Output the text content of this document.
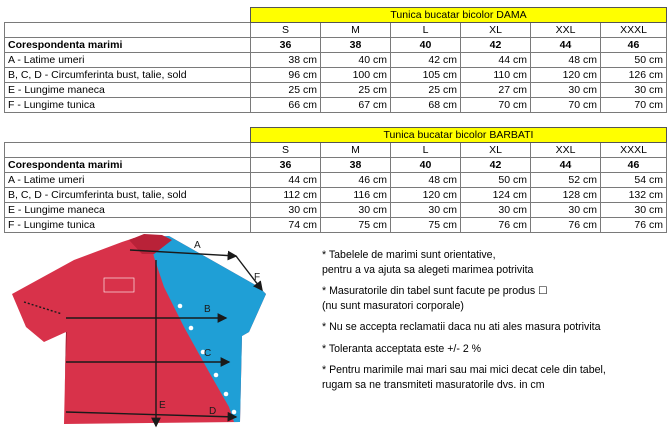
	Tunica bucatar bicolor DAMA					
	S	M	L	XL	XXL	XXXL
Corespondenta marimi	36	38	40	42	44	46
A - Latime umeri	38 cm	40 cm	42 cm	44 cm	48 cm	50 cm
B, C, D - Circumferinta bust, talie, sold	96 cm	100 cm	105 cm	110 cm	120 cm	126 cm
E - Lungime maneca	25 cm	25 cm	25 cm	27 cm	30 cm	30 cm
F - Lungime tunica	66 cm	67 cm	68 cm	70 cm	70 cm	70 cm
	Tunica bucatar bicolor BARBATI					
	S	M	L	XL	XXL	XXXL
Corespondenta marimi	36	38	40	42	44	46
A - Latime umeri	44 cm	46 cm	48 cm	50 cm	52 cm	54 cm
B, C, D - Circumferinta bust, talie, sold	112 cm	116 cm	120 cm	124 cm	128 cm	132 cm
E - Lungime maneca	30 cm	30 cm	30 cm	30 cm	30 cm	30 cm
F - Lungime tunica	74 cm	75 cm	75 cm	76 cm	76 cm	76 cm
A
B
C
D
E
F

* Tabelele de marimi sunt orientative,
pentru a va ajuta sa alegeti marimea potrivita

* Masuratorile din tabel sunt facute pe produs ☐
(nu sunt masuratori corporale)

* Nu se accepta reclamatii daca nu ati ales masura potrivita

* Toleranta acceptata este +/- 2 %

* Pentru marimile mai mari sau mai mici decat cele din tabel,
rugam sa ne transmiteti masuratorile dvs. in cm
